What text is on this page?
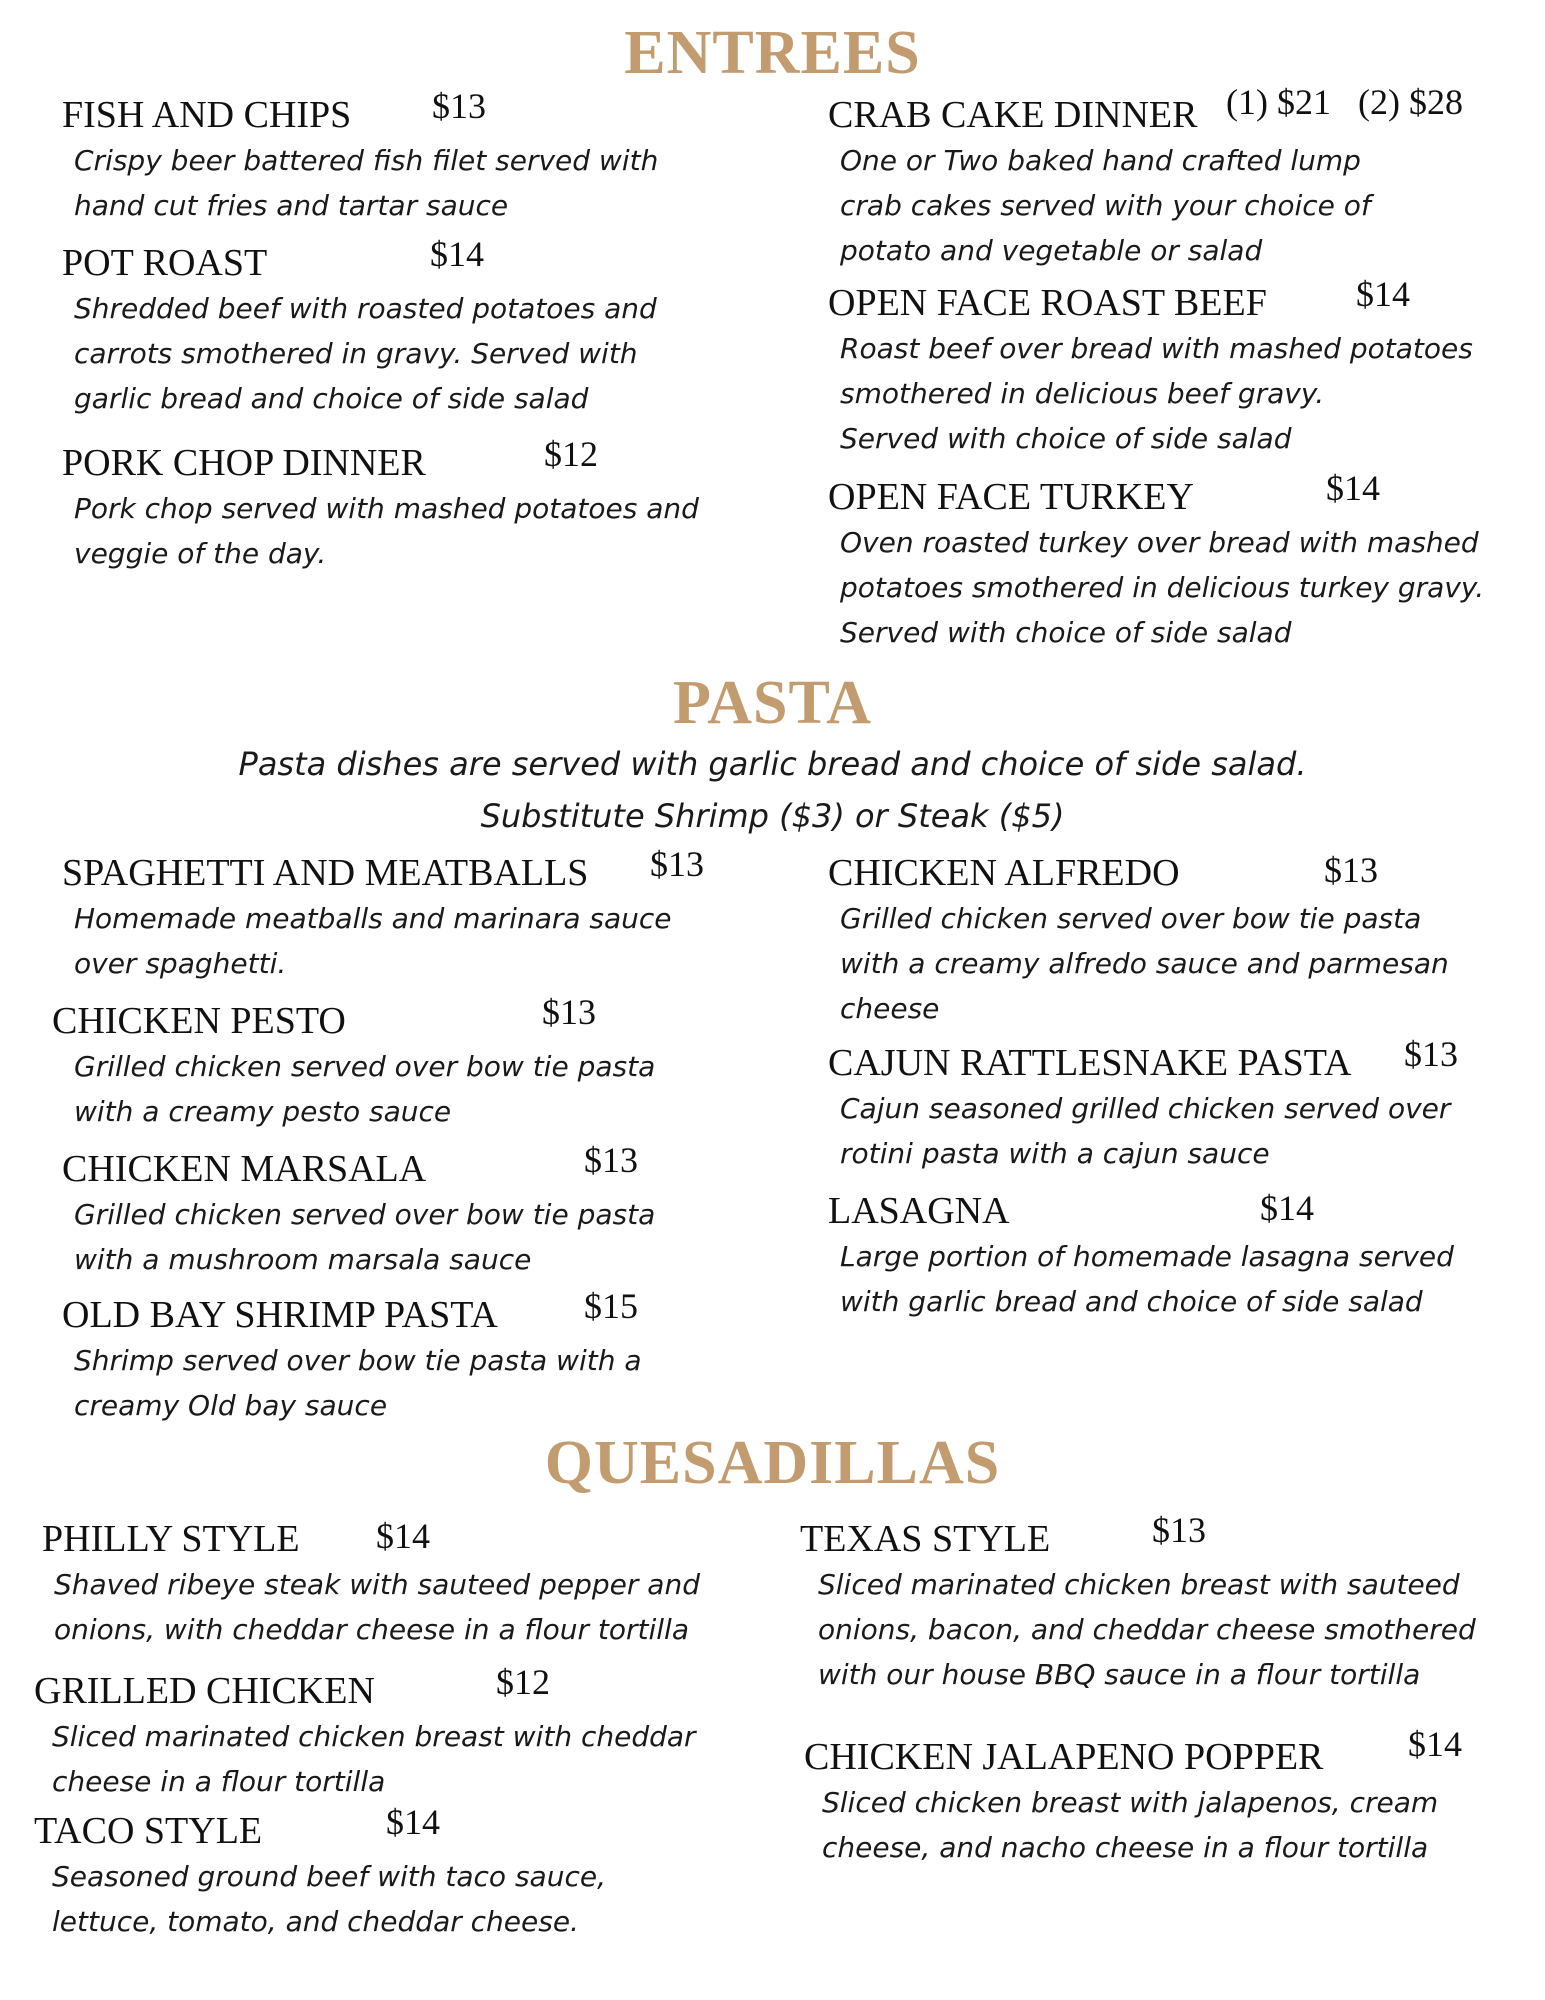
ENTREES
FISH AND CHIPS $13
Crispy beer battered fish filet served with
hand cut fries and tartar sauce
POT ROAST	$14
Shredded beef with roasted potatoes and
carrots smothered in gravy. Served with
garlic bread and choice of side salad
PORK CHOP DINNER	$12
Pork chop served with mashed potatoes and
veggie of the day.
CRAB CAKE DINNER (1) $21   (2) $28
One or Two baked hand crafted lump
crab cakes served with your choice of
potato and vegetable or salad
OPEN FACE ROAST BEEF $14
Roast beef over bread with mashed potatoes
smothered in delicious beef gravy.
Served with choice of side salad
OPEN FACE TURKEY	$14
Oven roasted turkey over bread with mashed
potatoes smothered in delicious turkey gravy.
Served with choice of side salad
PASTA
Pasta dishes are served with garlic bread and choice of side salad.
Substitute Shrimp ($3) or Steak ($5)
SPAGHETTI AND MEATBALLS $13
Homemade meatballs and marinara sauce
over spaghetti.
CHICKEN PESTO	$13
Grilled chicken served over bow tie pasta
with a creamy pesto sauce
CHICKEN MARSALA	$13
Grilled chicken served over bow tie pasta
with a mushroom marsala sauce
OLD BAY SHRIMP PASTA $15
Shrimp served over bow tie pasta with a
creamy Old bay sauce
CHICKEN ALFREDO	$13
Grilled chicken served over bow tie pasta
with a creamy alfredo sauce and parmesan
cheese
CAJUN RATTLESNAKE PASTA $13
Cajun seasoned grilled chicken served over
rotini pasta with a cajun sauce
LASAGNA	$14
Large portion of homemade lasagna served
with garlic bread and choice of side salad
QUESADILLAS
PHILLY STYLE $14
Shaved ribeye steak with sauteed pepper and
onions, with cheddar cheese in a flour tortilla
GRILLED CHICKEN	$12
Sliced marinated chicken breast with cheddar
cheese in a flour tortilla
TACO STYLE	$14
Seasoned ground beef with taco sauce,
lettuce, tomato, and cheddar cheese.
TEXAS STYLE	$13
Sliced marinated chicken breast with sauteed
onions, bacon, and cheddar cheese smothered
with our house BBQ sauce in a flour tortilla
CHICKEN JALAPENO POPPER $14
Sliced chicken breast with jalapenos, cream
cheese, and nacho cheese in a flour tortilla
